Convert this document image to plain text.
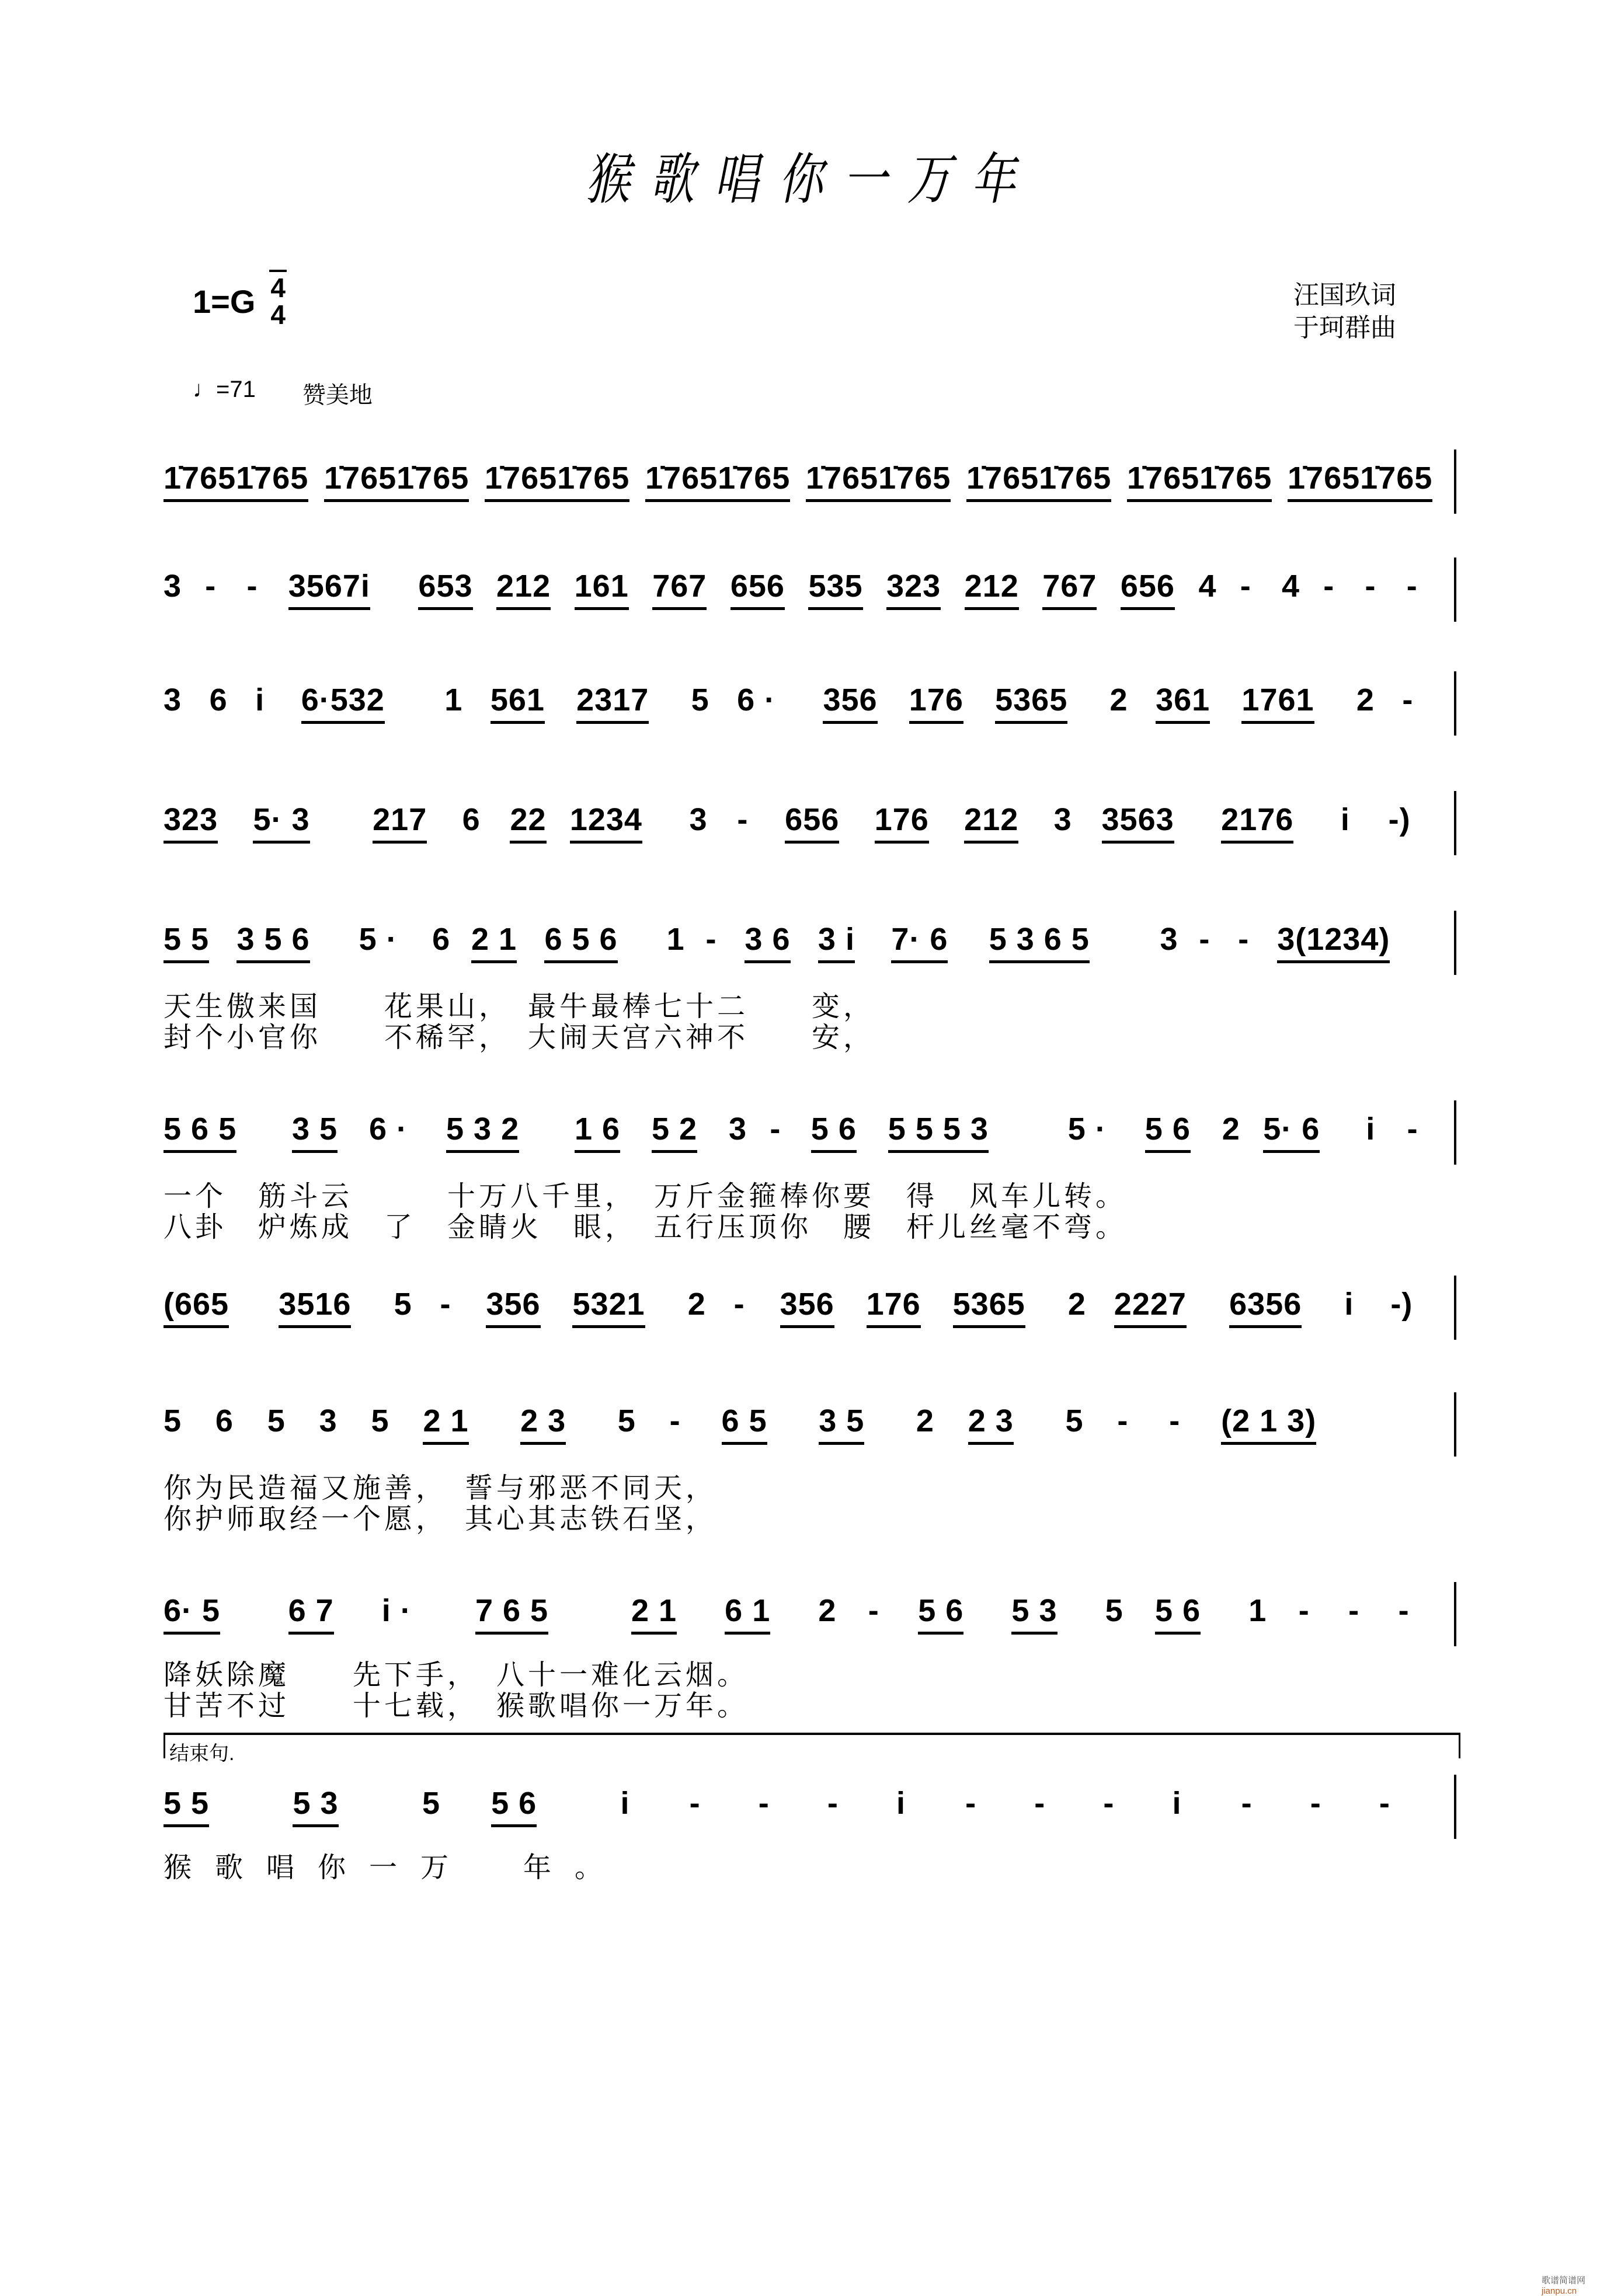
猴歌唱你一万年
$1=G \frac{4}{4}$	汪国玖词
于珂群曲
♩=71 赞美地
1̇7651̇765 1̇7651̇765 1̇7651̇765 1̇7651̇765 1̇7651̇765 1̇7651̇765 1̇7651̇765 1̇7651̇765
3 - - 3567i 653 212 161 767 656 535 323 212 767 656 4 - 4 - - -
3 6 i 6·532 1 561 2317 5 6 · 356 176 5365 2 361 1761 2 -
323 5· 3 217 6 22 1234 3 - 656 176 212 3 3563 2176 i -)
5 5 3 5 6 5 · 6 2 1 6 5 6 1 - 3 6 3 i 7· 6 5 3 6 5 3 - - 3(1234)
天生傲来国　　花果山，　最牛最棒七十二　　变，
封个小官你　　不稀罕，　大闹天宫六神不　　安，
5 6 5 3 5 6 · 5 3 2 1 6 5 2 3 - 5 6 5 5 5 3	5 · 5 6 2 5· 6 i -
一个　筋斗云　　　十万八千里，　万斤金箍棒你要　得　风车儿转。
八卦　炉炼成　了　金睛火　眼，　五行压顶你　腰　杆儿丝毫不弯。
(665 3516 5 - 356 5321 2 - 356 176 5365 2 2227 6356 i -)
5 6 5 3 5 2 1 2 3 5 - 6 5 3 5 2 2 3 5 - - (2 1 3)
你为民造福又施善，　誓与邪恶不同天，
你护师取经一个愿，　其心其志铁石坚，
6· 5 6 7 i · 7 6 5	2 1 6 1 2 - 5 6 5 3 5 5 6 1 - - -
降妖除魔　　先下手，　八十一难化云烟。
甘苦不过　　十七载，　猴歌唱你一万年。
结束句.
5 5	5 3	5 5 6	i - - - i - - - i - - -
猴歌唱你一万　年。
歌谱简谱网 jianpu.cn
